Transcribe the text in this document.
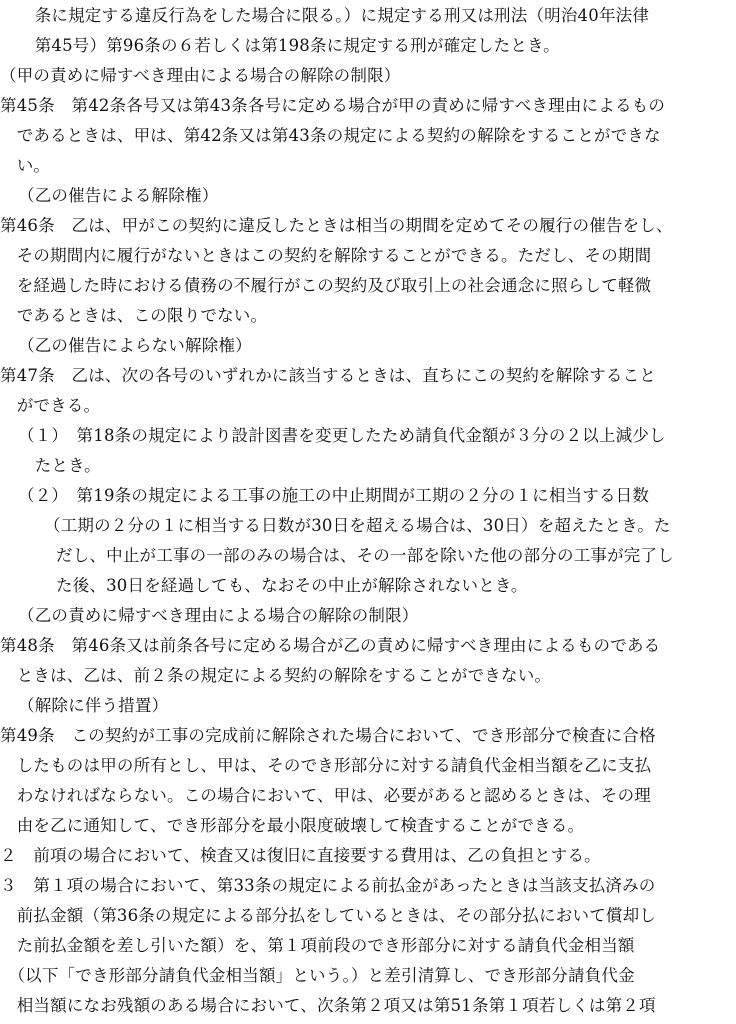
　条に規定する違反行為をした場合に限る。）に規定する刑又は刑法（明治40年法律
　第45号）第96条の６若しくは第198条に規定する刑が確定したとき。
（甲の責めに帰すべき理由による場合の解除の制限）
第45条　第42条各号又は第43条各号に定める場合が甲の責めに帰すべき理由によるもの
　であるときは、甲は、第42条又は第43条の規定による契約の解除をすることができな
　い。
（乙の催告による解除権）
第46条　乙は、甲がこの契約に違反したときは相当の期間を定めてその履行の催告をし、
　その期間内に履行がないときはこの契約を解除することができる。ただし、その期間
　を経過した時における債務の不履行がこの契約及び取引上の社会通念に照らして軽微
　であるときは、この限りでない。
（乙の催告によらない解除権）
第47条　乙は、次の各号のいずれかに該当するときは、直ちにこの契約を解除すること
　ができる。
（１）　第18条の規定により設計図書を変更したため請負代金額が３分の２以上減少し
　たとき。
（２）　第19条の規定による工事の施工の中止期間が工期の２分の１に相当する日数
（工期の２分の１に相当する日数が30日を超える場合は、30日）を超えたとき。た
だし、中止が工事の一部のみの場合は、その一部を除いた他の部分の工事が完了し
た後、30日を経過しても、なおその中止が解除されないとき。
（乙の責めに帰すべき理由による場合の解除の制限）
第48条　第46条又は前条各号に定める場合が乙の責めに帰すべき理由によるものである
　ときは、乙は、前２条の規定による契約の解除をすることができない。
（解除に伴う措置）
第49条　この契約が工事の完成前に解除された場合において、でき形部分で検査に合格
　したものは甲の所有とし、甲は、そのでき形部分に対する請負代金相当額を乙に支払
　わなければならない。この場合において、甲は、必要があると認めるときは、その理
　由を乙に通知して、でき形部分を最小限度破壊して検査することができる。
２　前項の場合において、検査又は復旧に直接要する費用は、乙の負担とする。
３　第１項の場合において、第33条の規定による前払金があったときは当該支払済みの
　前払金額（第36条の規定による部分払をしているときは、その部分払において償却し
　た前払金額を差し引いた額）を、第１項前段のでき形部分に対する請負代金相当額
　（以下「でき形部分請負代金相当額」という。）と差引清算し、でき形部分請負代金
　相当額になお残額のある場合において、次条第２項又は第51条第１項若しくは第２項
